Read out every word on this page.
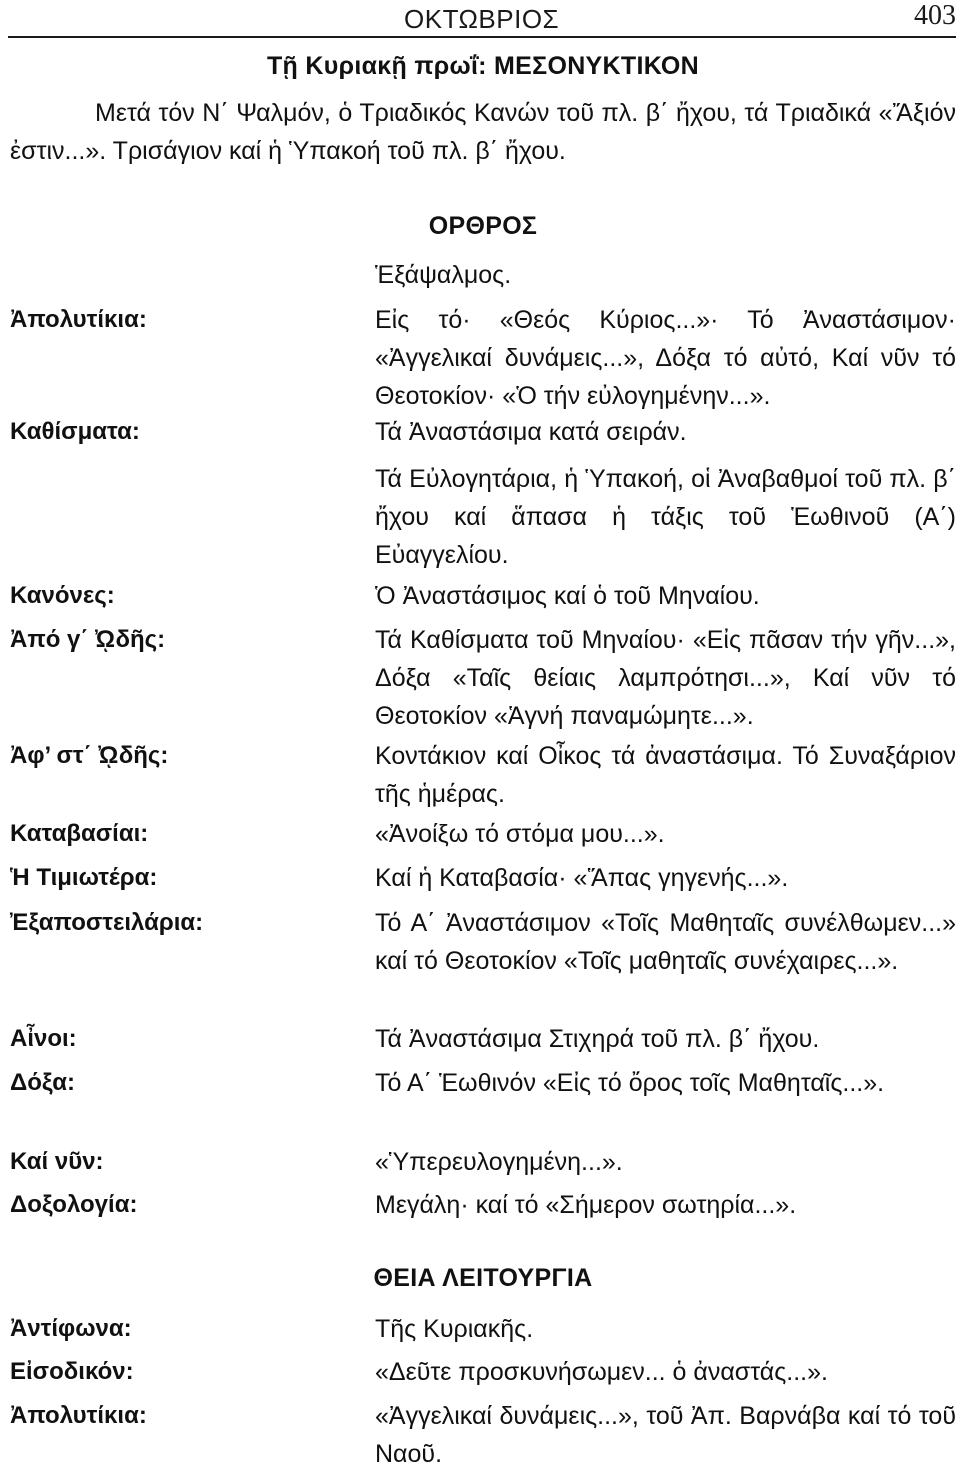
ΟΚΤΩΒΡΙΟΣ	403
Τῇ Κυριακῇ πρωΐ: ΜΕΣΟΝΥΚΤΙΚΟΝ
Μετά τόν Ν΄ Ψαλμόν, ὁ Τριαδικός Κανών τοῦ πλ. β΄ ἤχου, τά Τριαδικά «Ἄξιόν ἐστιν...». Τρισάγιον καί ἡ Ὑπακοή τοῦ πλ. β΄ ἤχου.
ΟΡΘΡΟΣ
Ἑξάψαλμος.
Ἀπολυτίκια:	Εἰς τό· «Θεός Κύριος...»· Τό Ἀναστάσιμον· «Ἀγγελικαί δυνάμεις...», Δόξα τό αὐτό, Καί νῦν τό Θεοτοκίον· «Ὁ τήν εὐλογημένην...».
Καθίσματα:	Τά Ἀναστάσιμα κατά σειράν.
Τά Εὐλογητάρια, ἡ Ὑπακοή, οἱ Ἀναβαθμοί τοῦ πλ. β΄ ἤχου καί ἅπασα ἡ τάξις τοῦ Ἑωθινοῦ (Α΄) Εὐαγγελίου.
Κανόνες:	Ὁ Ἀναστάσιμος καί ὁ τοῦ Μηναίου.
Ἀπό γ΄ ᾨδῆς:	Τά Καθίσματα τοῦ Μηναίου· «Εἰς πᾶσαν τήν γῆν...», Δόξα «Ταῖς θείαις λαμπρότησι...», Καί νῦν τό Θεοτοκίον «Ἁγνή παναμώμητε...».
Ἀφ’ στ΄ ᾨδῆς:	Κοντάκιον καί Οἶκος τά ἀναστάσιμα. Τό Συναξάριον τῆς ἡμέρας.
Καταβασίαι:	«Ἀνοίξω τό στόμα μου...».
Ἡ Τιμιωτέρα:	Καί ἡ Καταβασία· «Ἅπας γηγενής...».
Ἐξαποστειλάρια:	Τό Α΄ Ἀναστάσιμον «Τοῖς Μαθηταῖς συνέλθωμεν...» καί τό Θεοτοκίον «Τοῖς μαθηταῖς συνέχαιρες...».
Αἶνοι:	Τά Ἀναστάσιμα Στιχηρά τοῦ πλ. β΄ ἤχου.
Δόξα:	Τό Α΄ Ἑωθινόν «Εἰς τό ὄρος τοῖς Μαθηταῖς...».
Καί νῦν:	«Ὑπερευλογημένη...».
Δοξολογία:	Μεγάλη· καί τό «Σήμερον σωτηρία...».
ΘΕΙΑ ΛΕΙΤΟΥΡΓΙΑ
Ἀντίφωνα:	Τῆς Κυριακῆς.
Εἰσοδικόν:	«Δεῦτε προσκυνήσωμεν... ὁ ἀναστάς...».
Ἀπολυτίκια:	«Ἀγγελικαί δυνάμεις...», τοῦ Ἀπ. Βαρνάβα καί τό τοῦ Ναοῦ.
